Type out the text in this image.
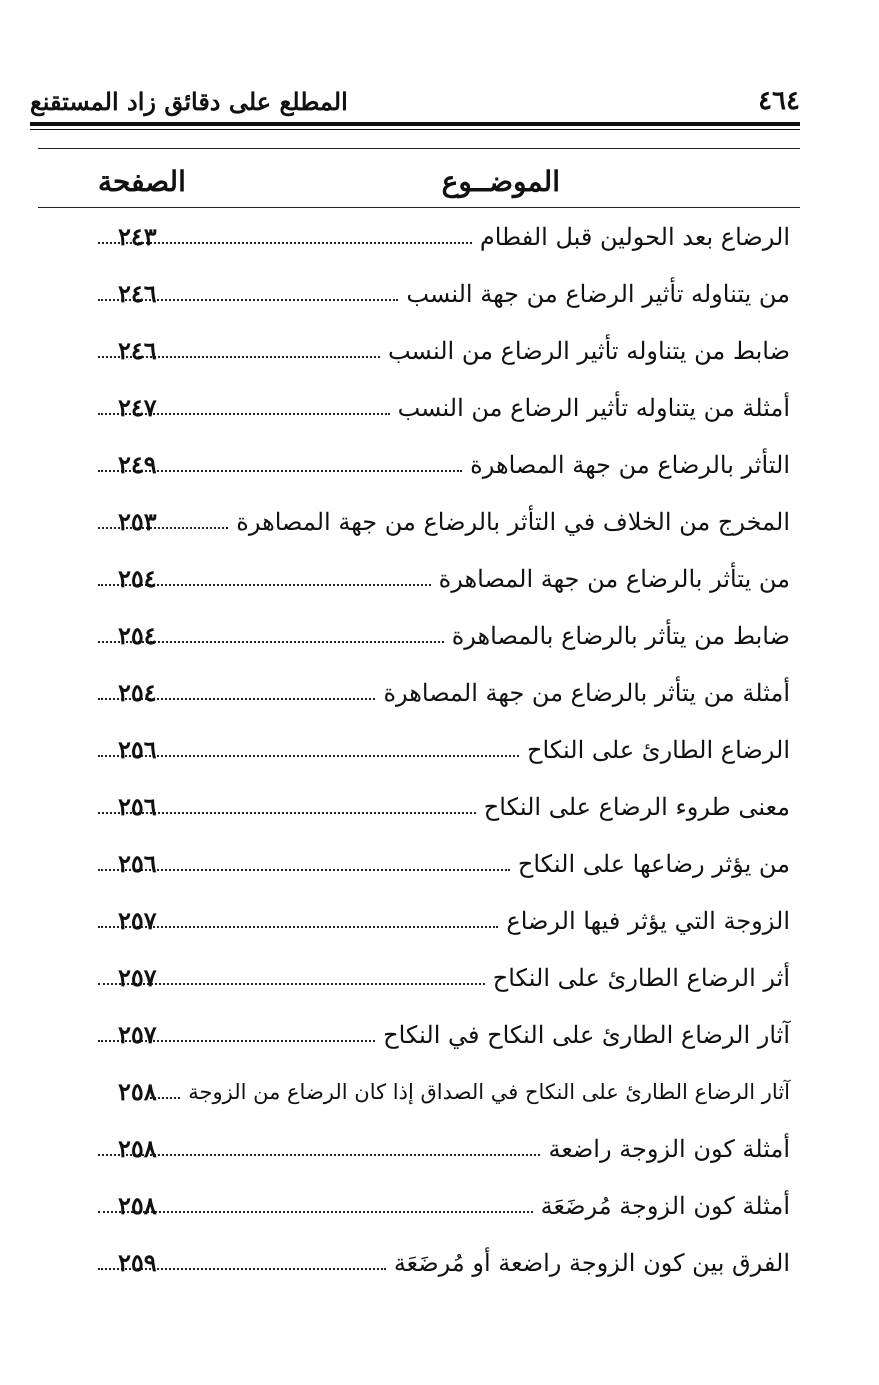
٤٦٤
المطلع على دقائق زاد المستقنع
الموضــوع
الصفحة
الرضاع بعد الحولين قبل الفطام
٢٤٣
من يتناوله تأثير الرضاع من جهة النسب
٢٤٦
ضابط من يتناوله تأثير الرضاع من النسب
٢٤٦
أمثلة من يتناوله تأثير الرضاع من النسب
٢٤٧
التأثر بالرضاع من جهة المصاهرة
٢٤٩
المخرج من الخلاف في التأثر بالرضاع من جهة المصاهرة
٢٥٣
من يتأثر بالرضاع من جهة المصاهرة
٢٥٤
ضابط من يتأثر بالرضاع بالمصاهرة
٢٥٤
أمثلة من يتأثر بالرضاع من جهة المصاهرة
٢٥٤
الرضاع الطارئ على النكاح
٢٥٦
معنى طروء الرضاع على النكاح
٢٥٦
من يؤثر رضاعها على النكاح
٢٥٦
الزوجة التي يؤثر فيها الرضاع
٢٥٧
أثر الرضاع الطارئ على النكاح
٢٥٧
آثار الرضاع الطارئ على النكاح في النكاح
٢٥٧
آثار الرضاع الطارئ على النكاح في الصداق إذا كان الرضاع من الزوجة
٢٥٨
أمثلة كون الزوجة راضعة
٢٥٨
أمثلة كون الزوجة مُرضَعَة
٢٥٨
الفرق بين كون الزوجة راضعة أو مُرضَعَة
٢٥٩
